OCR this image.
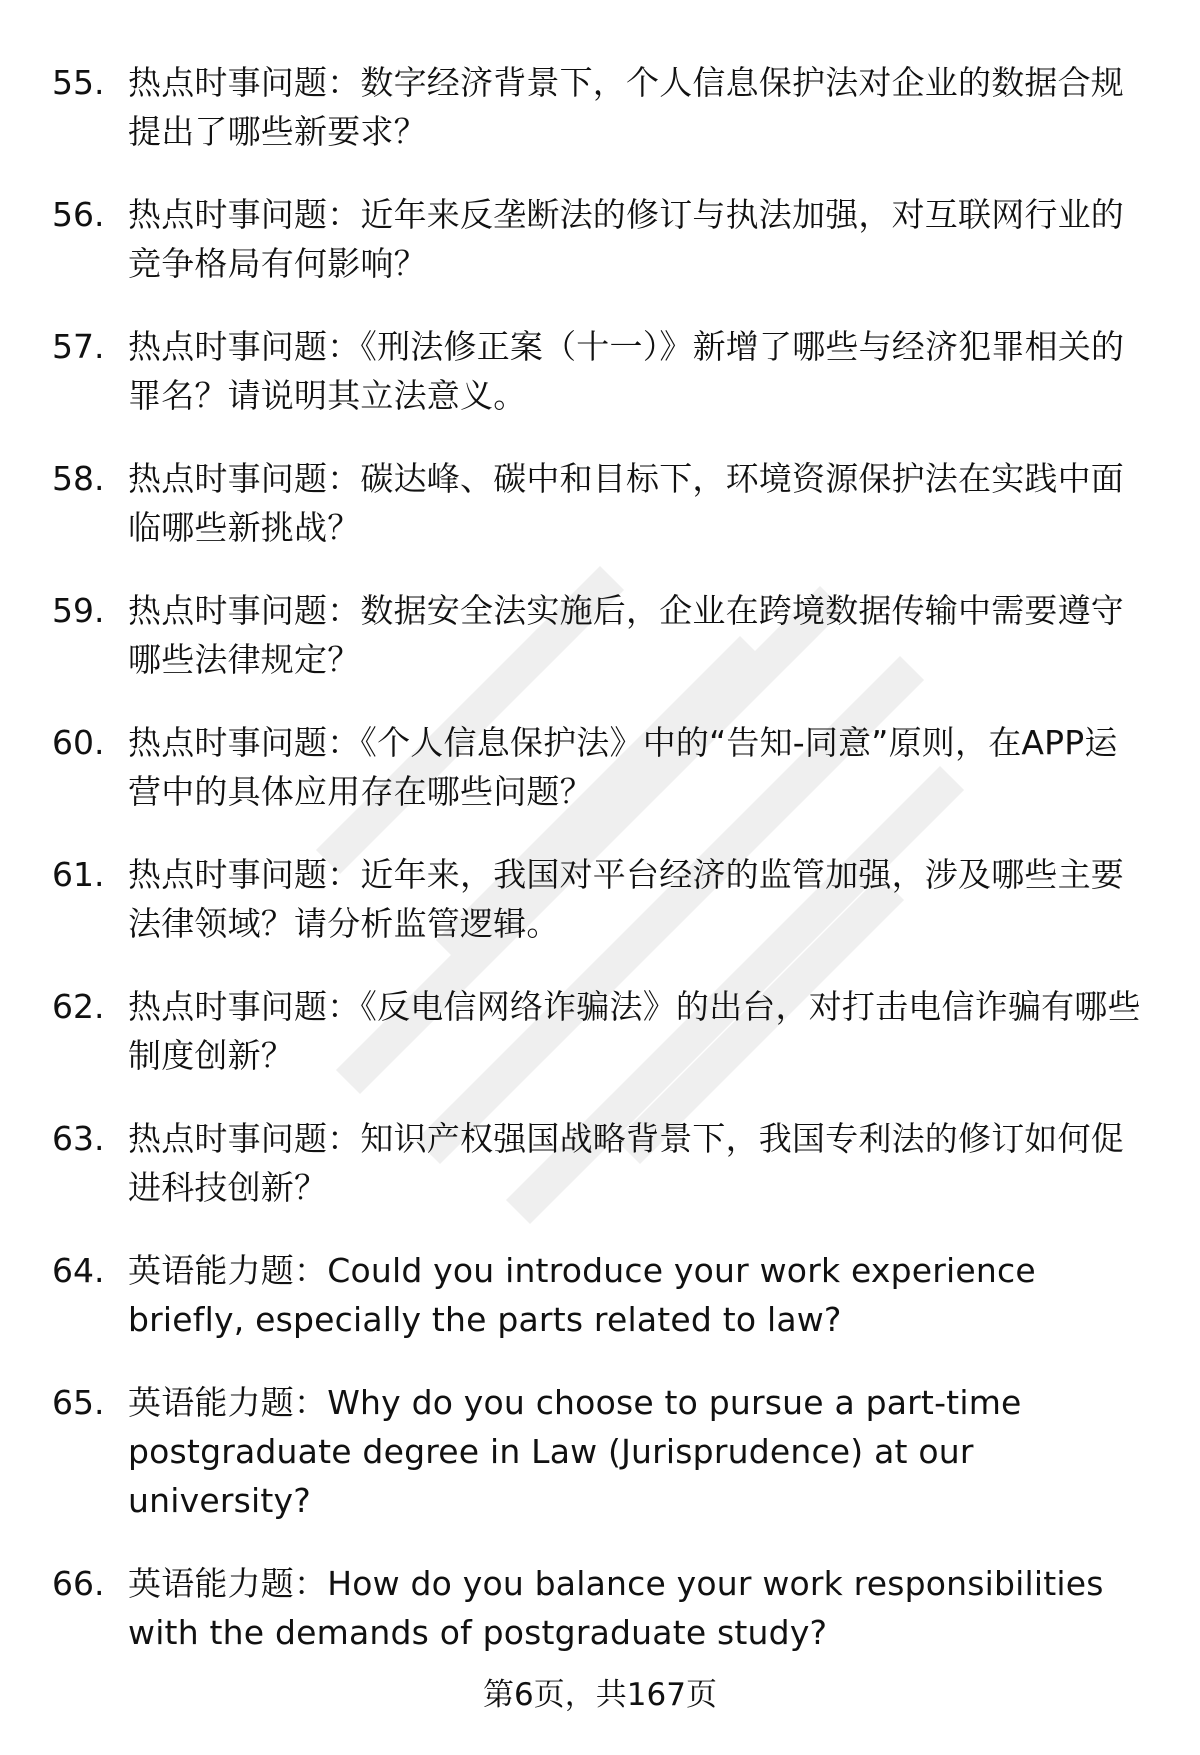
55. 热点时事问题：数字经济背景下，个人信息保护法对企业的数据合规提出了哪些新要求？
56. 热点时事问题：近年来反垄断法的修订与执法加强，对互联网行业的竞争格局有何影响？
57. 热点时事问题：《刑法修正案（十一）》新增了哪些与经济犯罪相关的罪名？请说明其立法意义。
58. 热点时事问题：碳达峰、碳中和目标下，环境资源保护法在实践中面临哪些新挑战？
59. 热点时事问题：数据安全法实施后，企业在跨境数据传输中需要遵守哪些法律规定？
60. 热点时事问题：《个人信息保护法》中的“告知-同意”原则，在APP运营中的具体应用存在哪些问题？
61. 热点时事问题：近年来，我国对平台经济的监管加强，涉及哪些主要法律领域？请分析监管逻辑。
62. 热点时事问题：《反电信网络诈骗法》的出台，对打击电信诈骗有哪些制度创新？
63. 热点时事问题：知识产权强国战略背景下，我国专利法的修订如何促进科技创新？
64. 英语能力题：Could you introduce your work experience briefly, especially the parts related to law?
65. 英语能力题：Why do you choose to pursue a part-time postgraduate degree in Law (Jurisprudence) at our university?
66. 英语能力题：How do you balance your work responsibilities with the demands of postgraduate study?
第6页，共167页
